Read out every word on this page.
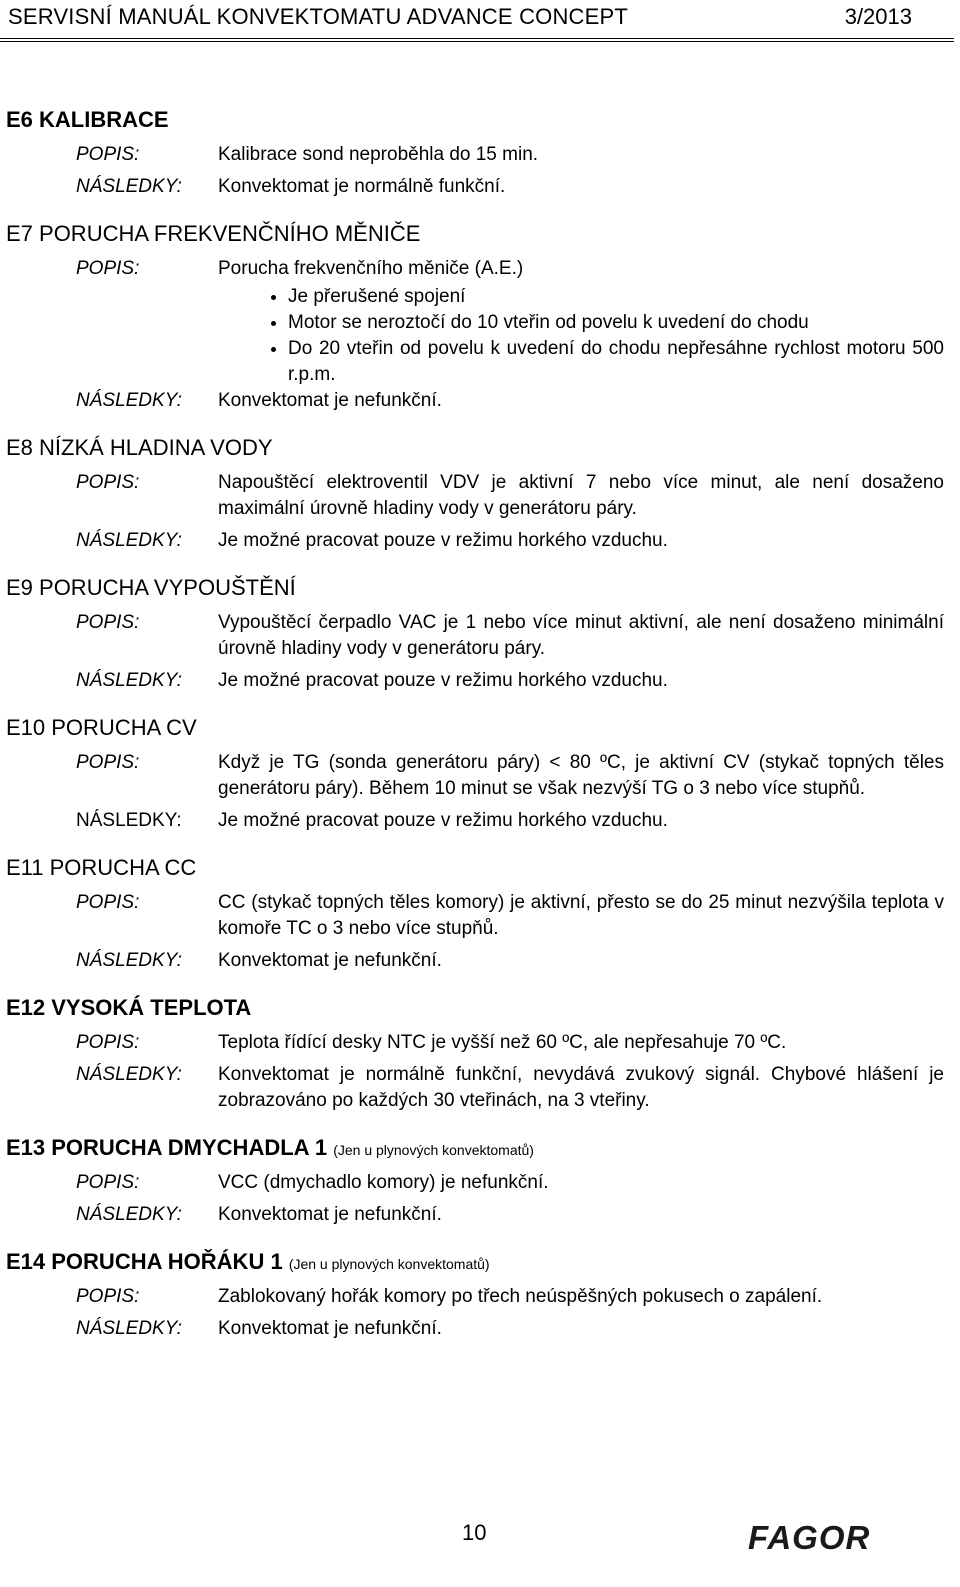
SERVISNÍ MANUÁL KONVEKTOMATU ADVANCE CONCEPT	3/2013
E6 KALIBRACE
POPIS:	Kalibrace sond neproběhla do 15 min.
NÁSLEDKY:	Konvektomat je normálně funkční.
E7 PORUCHA FREKVENČNÍHO MĚNIČE
POPIS:	Porucha frekvenčního měniče (A.E.)
• Je přerušené spojení
• Motor se neroztočí do 10 vteřin od povelu k uvedení do chodu
• Do 20 vteřin od povelu k uvedení do chodu nepřesáhne rychlost motoru 500 r.p.m.
NÁSLEDKY:	Konvektomat je nefunkční.
E8 NÍZKÁ HLADINA VODY
POPIS:	Napouštěcí elektroventil VDV je aktivní 7 nebo více minut, ale není dosaženo maximální úrovně hladiny vody v generátoru páry.
NÁSLEDKY:	Je možné pracovat pouze v režimu horkého vzduchu.
E9 PORUCHA VYPOUŠTĚNÍ
POPIS:	Vypouštěcí čerpadlo VAC je 1 nebo více minut aktivní, ale není dosaženo minimální úrovně hladiny vody v generátoru páry.
NÁSLEDKY:	Je možné pracovat pouze v režimu horkého vzduchu.
E10 PORUCHA CV
POPIS:	Když je TG (sonda generátoru páry) < 80 ºC, je aktivní CV (stykač topných těles generátoru páry). Během 10 minut se však nezvýší TG o 3 nebo více stupňů.
NÁSLEDKY:	Je možné pracovat pouze v režimu horkého vzduchu.
E11 PORUCHA CC
POPIS:	CC (stykač topných těles komory) je aktivní, přesto se do 25 minut nezvýšila teplota v komoře TC o 3 nebo více stupňů.
NÁSLEDKY:	Konvektomat je nefunkční.
E12 VYSOKÁ TEPLOTA
POPIS:	Teplota řídící desky NTC je vyšší než 60 ºC, ale nepřesahuje 70 ºC.
NÁSLEDKY:	Konvektomat je normálně funkční, nevydává zvukový signál. Chybové hlášení je zobrazováno po každých 30 vteřinách, na 3 vteřiny.
E13 PORUCHA DMYCHADLA 1 (Jen u plynových konvektomatů)
POPIS:	VCC (dmychadlo komory) je nefunkční.
NÁSLEDKY:	Konvektomat je nefunkční.
E14 PORUCHA HOŘÁKU 1 (Jen u plynových konvektomatů)
POPIS:	Zablokovaný hořák komory po třech neúspěšných pokusech o zapálení.
NÁSLEDKY:	Konvektomat je nefunkční.
10	FAGOR
